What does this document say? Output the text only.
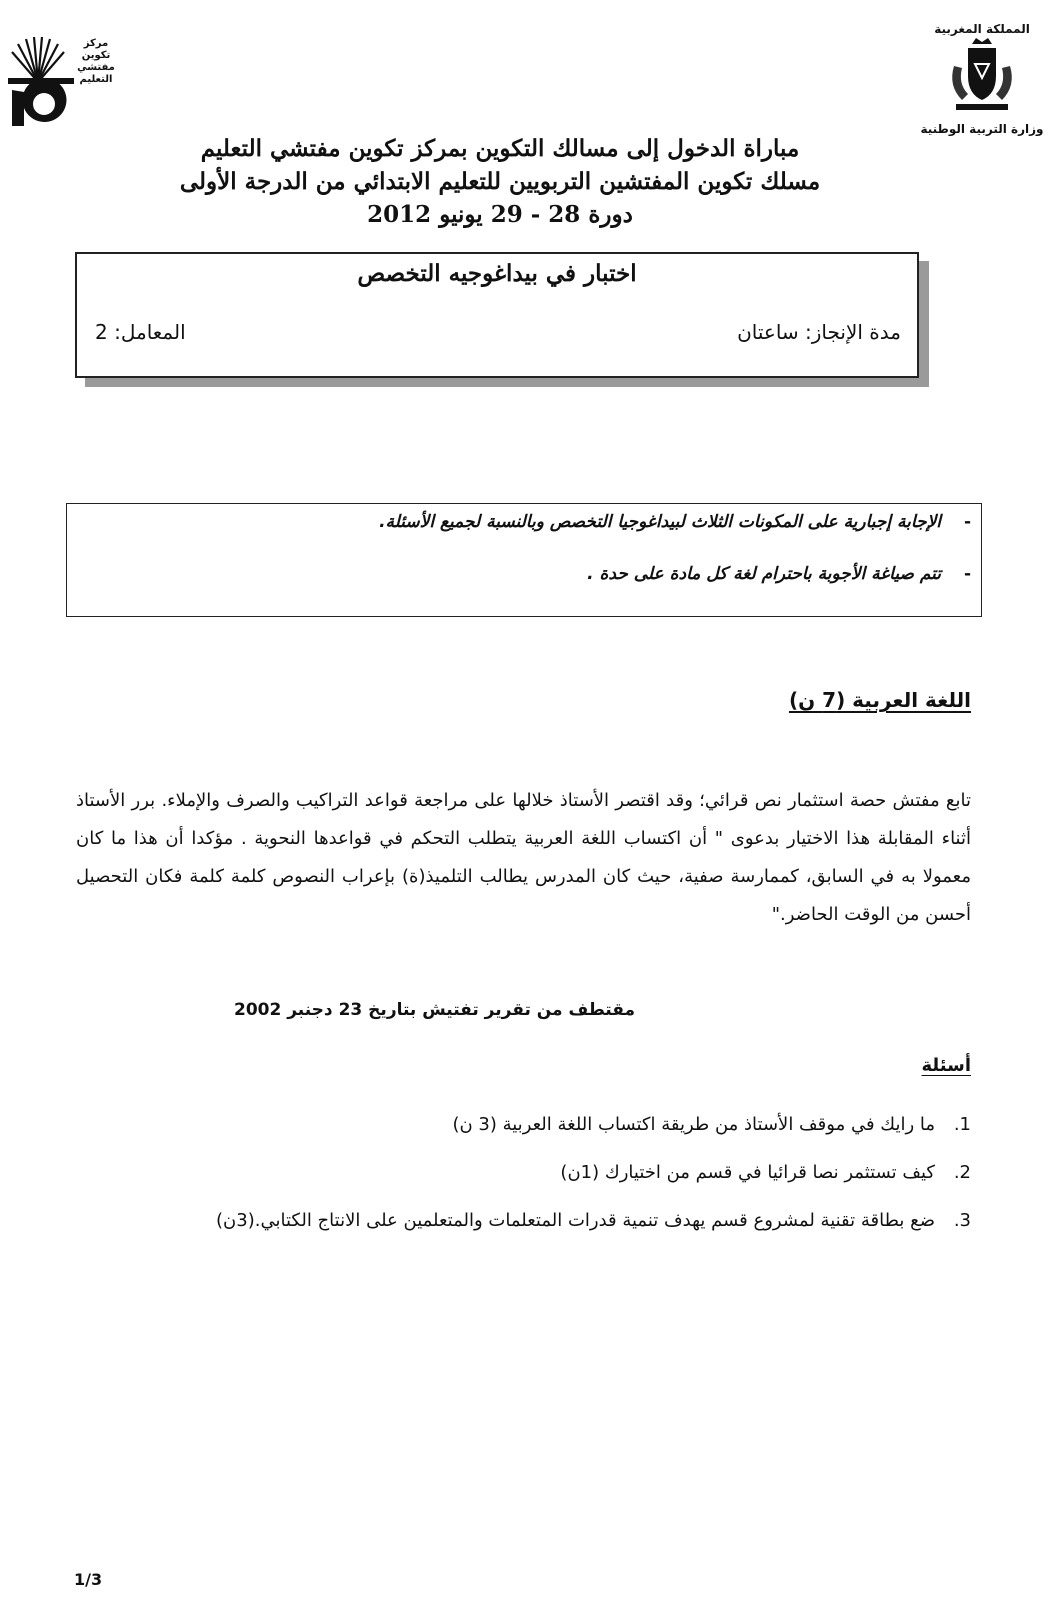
مركز تكوين مفتشي التعليم
المملكة المغربية
وزارة التربية الوطنية
مباراة الدخول إلى مسالك التكوين بمركز تكوين مفتشي التعليم
مسلك تكوين المفتشين التربويين للتعليم الابتدائي من الدرجة الأولى
دورة 28 - 29 يونيو 2012
اختبار في بيداغوجيه التخصص
مدة الإنجاز: ساعتان
المعامل: 2
-
الإجابة إجبارية على المكونات الثلاث لبيداغوجيا التخصص وبالنسبة لجميع الأسئلة.
-
تتم صياغة الأجوبة باحترام لغة كل مادة على حدة .
اللغة العربية (7 ن)
تابع مفتش حصة استثمار نص قرائي؛ وقد اقتصر الأستاذ خلالها على مراجعة قواعد التراكيب والصرف والإملاء. برر الأستاذ أثناء المقابلة هذا الاختيار بدعوى " أن اكتساب اللغة العربية يتطلب التحكم في قواعدها النحوية . مؤكدا أن هذا ما كان معمولا به في السابق، كممارسة صفية، حيث كان المدرس يطالب التلميذ(ة) بإعراب النصوص كلمة كلمة فكان التحصيل أحسن من الوقت الحاضر."
مقتطف من تقرير تفتيش بتاريخ 23 دجنبر 2002
أسئلة
1.
ما رايك في موقف الأستاذ من طريقة اكتساب اللغة العربية (3 ن)
2.
كيف تستثمر نصا قرائيا في قسم من اختيارك (1ن)
3.
ضع بطاقة تقنية لمشروع قسم يهدف تنمية قدرات المتعلمات والمتعلمين على الانتاج الكتابي.(3ن)
1/3
